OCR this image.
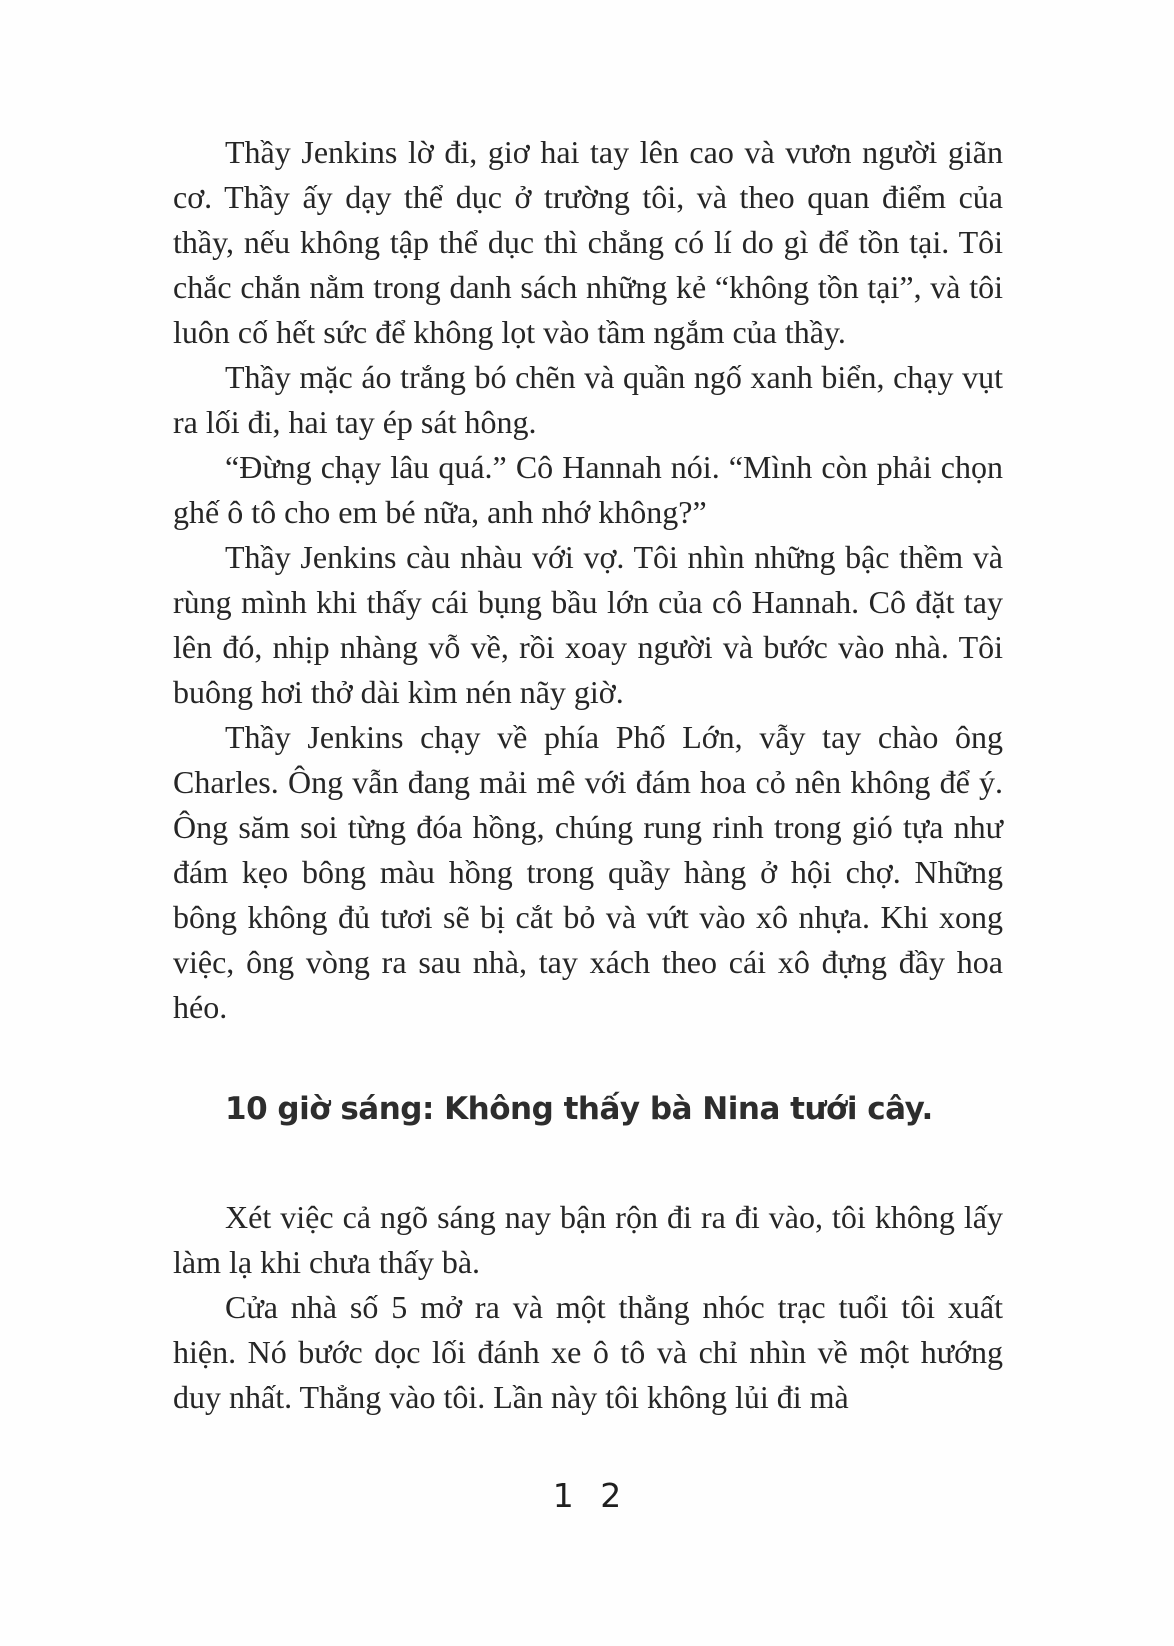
Thầy Jenkins lờ đi, giơ hai tay lên cao và vươn người giãn cơ. Thầy ấy dạy thể dục ở trường tôi, và theo quan điểm của thầy, nếu không tập thể dục thì chẳng có lí do gì để tồn tại. Tôi chắc chắn nằm trong danh sách những kẻ “không tồn tại”, và tôi luôn cố hết sức để không lọt vào tầm ngắm của thầy.

Thầy mặc áo trắng bó chẽn và quần ngố xanh biển, chạy vụt ra lối đi, hai tay ép sát hông.

“Đừng chạy lâu quá.” Cô Hannah nói. “Mình còn phải chọn ghế ô tô cho em bé nữa, anh nhớ không?”

Thầy Jenkins càu nhàu với vợ. Tôi nhìn những bậc thềm và rùng mình khi thấy cái bụng bầu lớn của cô Hannah. Cô đặt tay lên đó, nhịp nhàng vỗ về, rồi xoay người và bước vào nhà. Tôi buông hơi thở dài kìm nén nãy giờ.

Thầy Jenkins chạy về phía Phố Lớn, vẫy tay chào ông Charles. Ông vẫn đang mải mê với đám hoa cỏ nên không để ý. Ông săm soi từng đóa hồng, chúng rung rinh trong gió tựa như đám kẹo bông màu hồng trong quầy hàng ở hội chợ. Những bông không đủ tươi sẽ bị cắt bỏ và vứt vào xô nhựa. Khi xong việc, ông vòng ra sau nhà, tay xách theo cái xô đựng đầy hoa héo.

10 giờ sáng: Không thấy bà Nina tưới cây.

Xét việc cả ngõ sáng nay bận rộn đi ra đi vào, tôi không lấy làm lạ khi chưa thấy bà.

Cửa nhà số 5 mở ra và một thằng nhóc trạc tuổi tôi xuất hiện. Nó bước dọc lối đánh xe ô tô và chỉ nhìn về một hướng duy nhất. Thẳng vào tôi. Lần này tôi không lủi đi mà

1 2
